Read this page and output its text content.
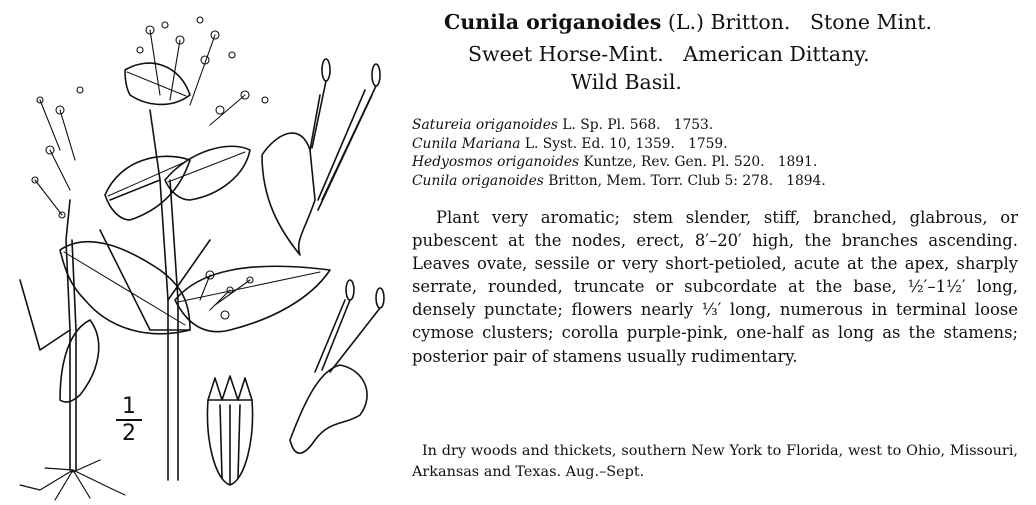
1
2
Cunila origanoides (L.) Britton. Stone Mint.
Sweet Horse-Mint.   American Dittany.
Wild Basil.
Satureia origanoides L. Sp. Pl. 568.   1753.
Cunila Mariana L. Syst. Ed. 10, 1359.   1759.
Hedyosmos origanoides Kuntze, Rev. Gen. Pl. 520.   1891.
Cunila origanoides Britton, Mem. Torr. Club 5: 278.   1894.

Plant very aromatic; stem slender, stiff, branched, glabrous, or pubescent at the nodes, erect, 8′–20′ high, the branches ascending. Leaves ovate, sessile or very short-petioled, acute at the apex, sharply serrate, rounded, truncate or subcordate at the base, ½′–1½′ long, densely punctate; flowers nearly ⅓′ long, numerous in terminal loose cymose clusters; corolla purple-pink, one-half as long as the stamens; posterior pair of stamens usually rudimentary.

In dry woods and thickets, southern New York to Florida, west to Ohio, Missouri, Arkansas and Texas. Aug.–Sept.
